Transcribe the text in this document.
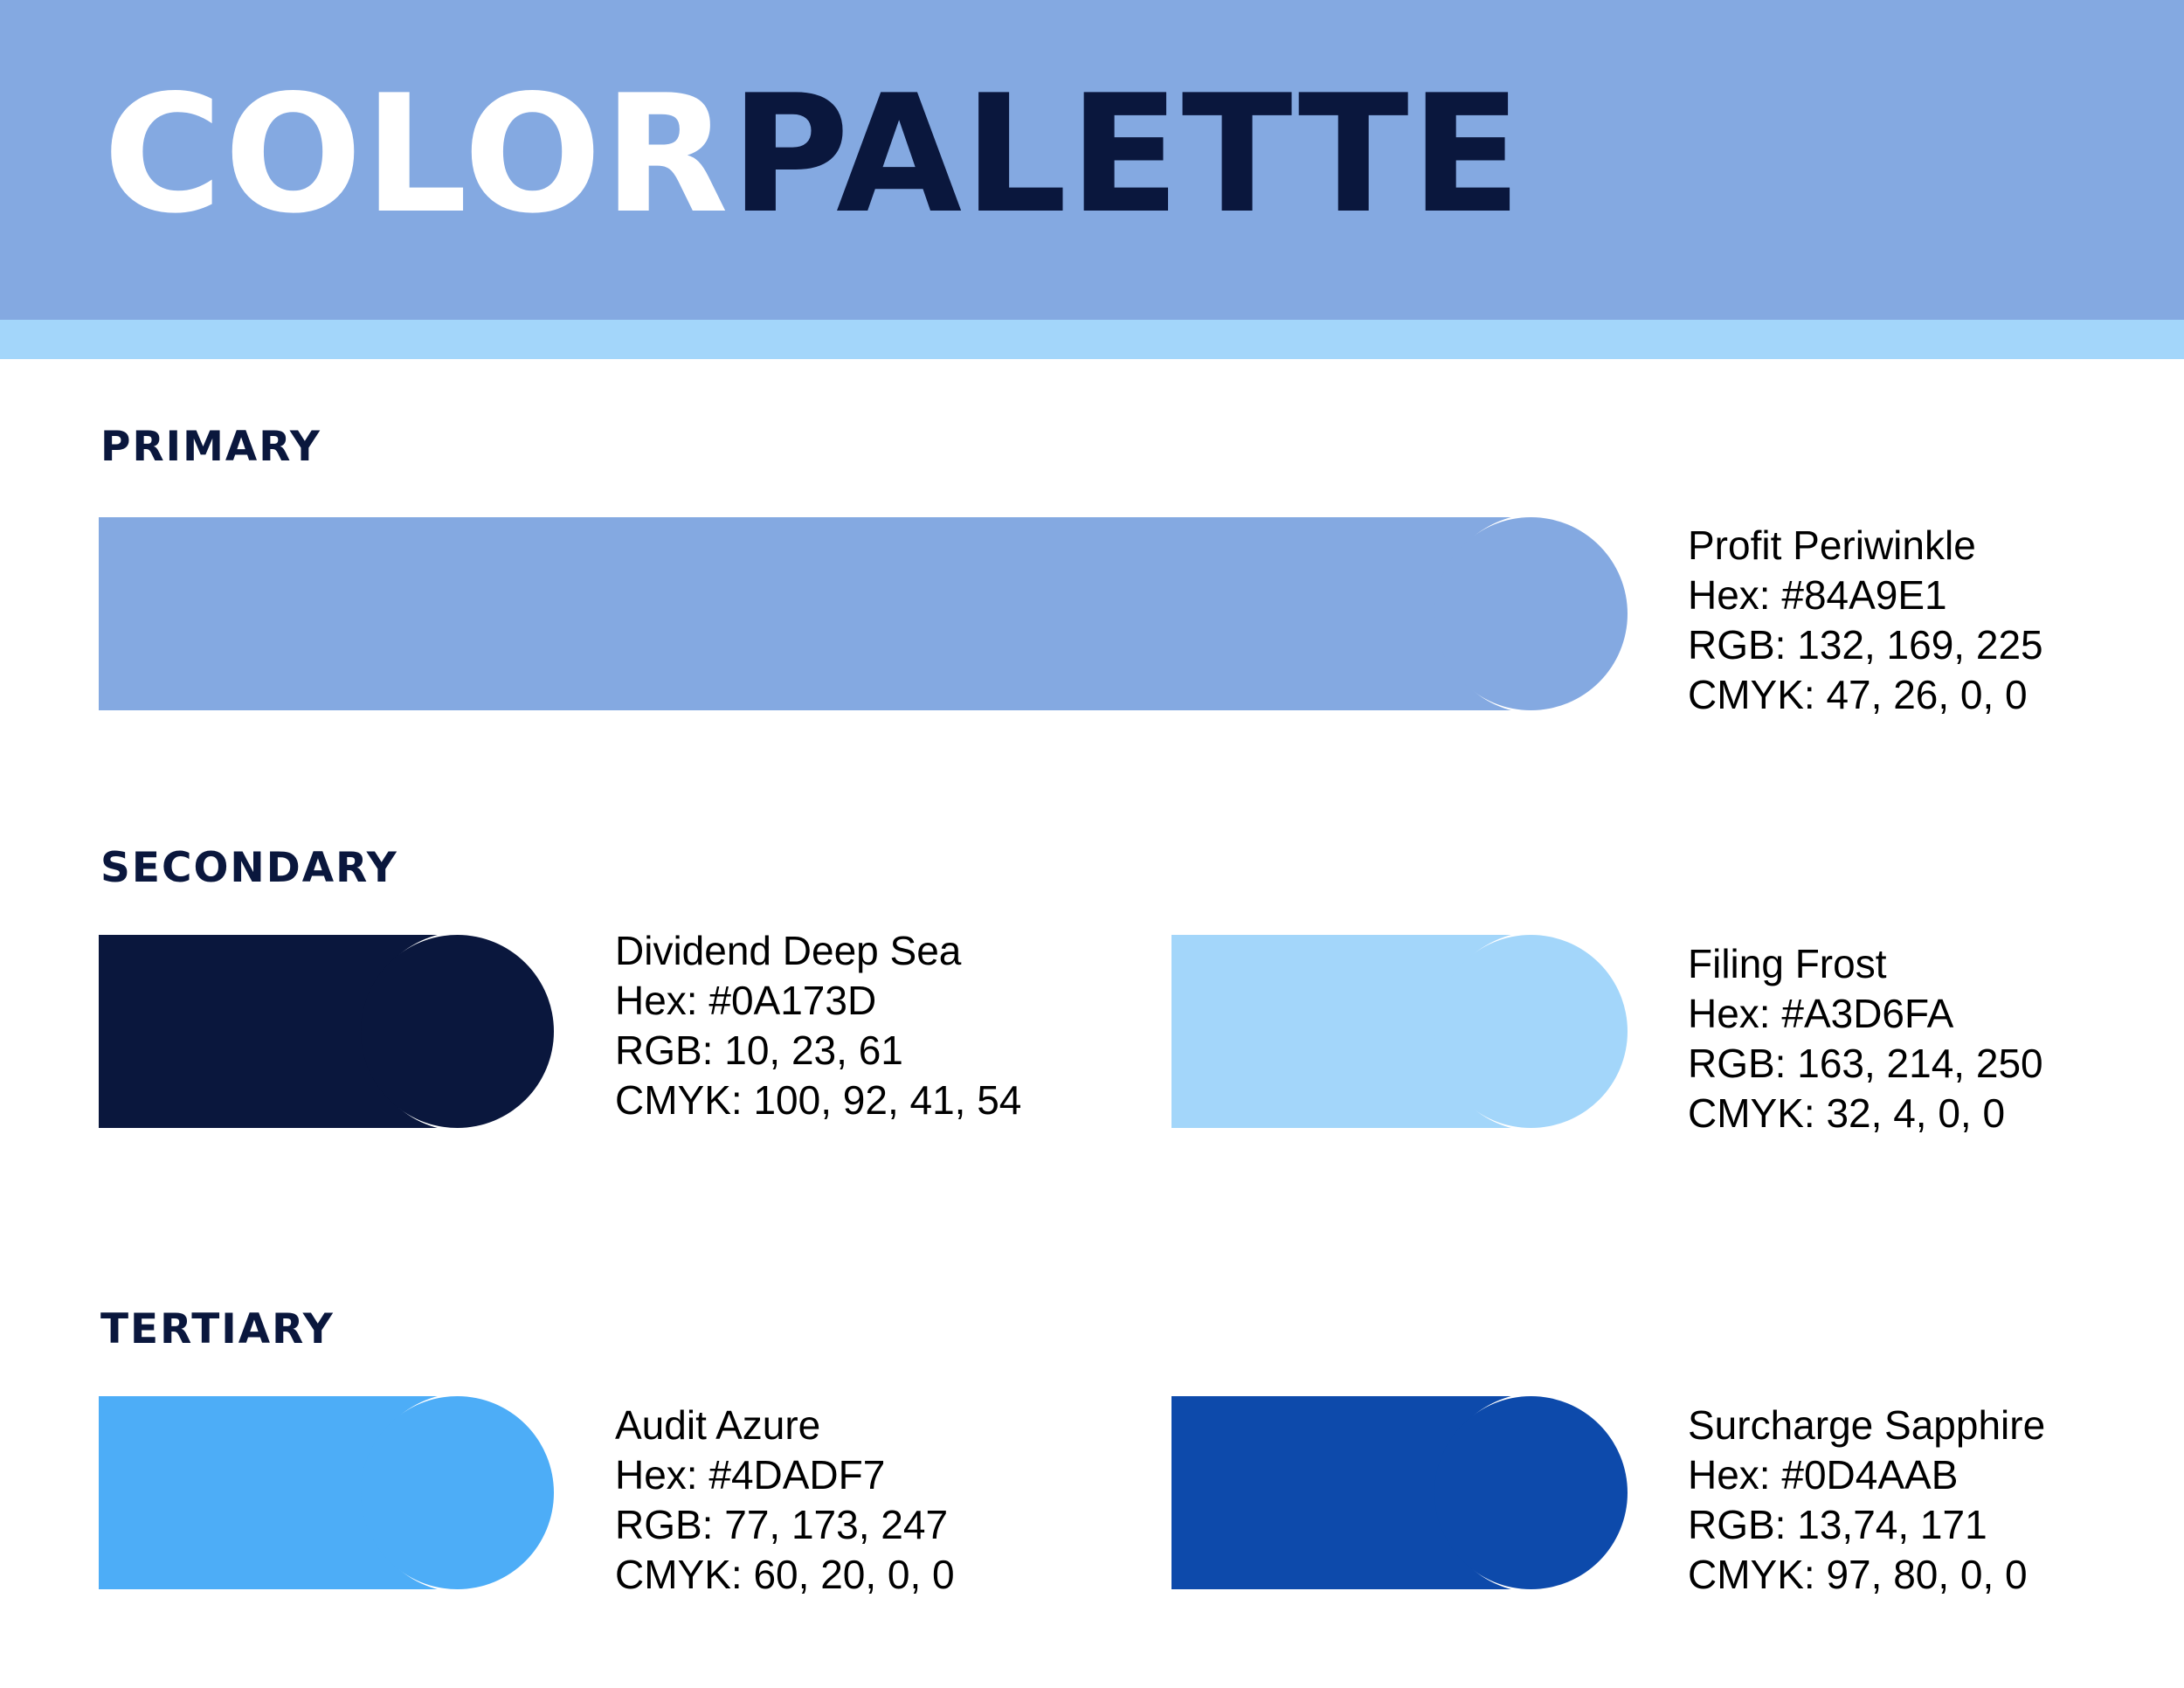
COLORPALETTE
PRIMARY
Profit Periwinkle
Hex: #84A9E1
RGB: 132, 169, 225
CMYK: 47, 26, 0, 0
SECONDARY
Dividend Deep Sea
Hex: #0A173D
RGB: 10, 23, 61
CMYK: 100, 92, 41, 54
Filing Frost
Hex: #A3D6FA
RGB: 163, 214, 250
CMYK: 32, 4, 0, 0
TERTIARY
Audit Azure
Hex: #4DADF7
RGB: 77, 173, 247
CMYK: 60, 20, 0, 0
Surcharge Sapphire
Hex: #0D4AAB
RGB: 13,74, 171
CMYK: 97, 80, 0, 0
